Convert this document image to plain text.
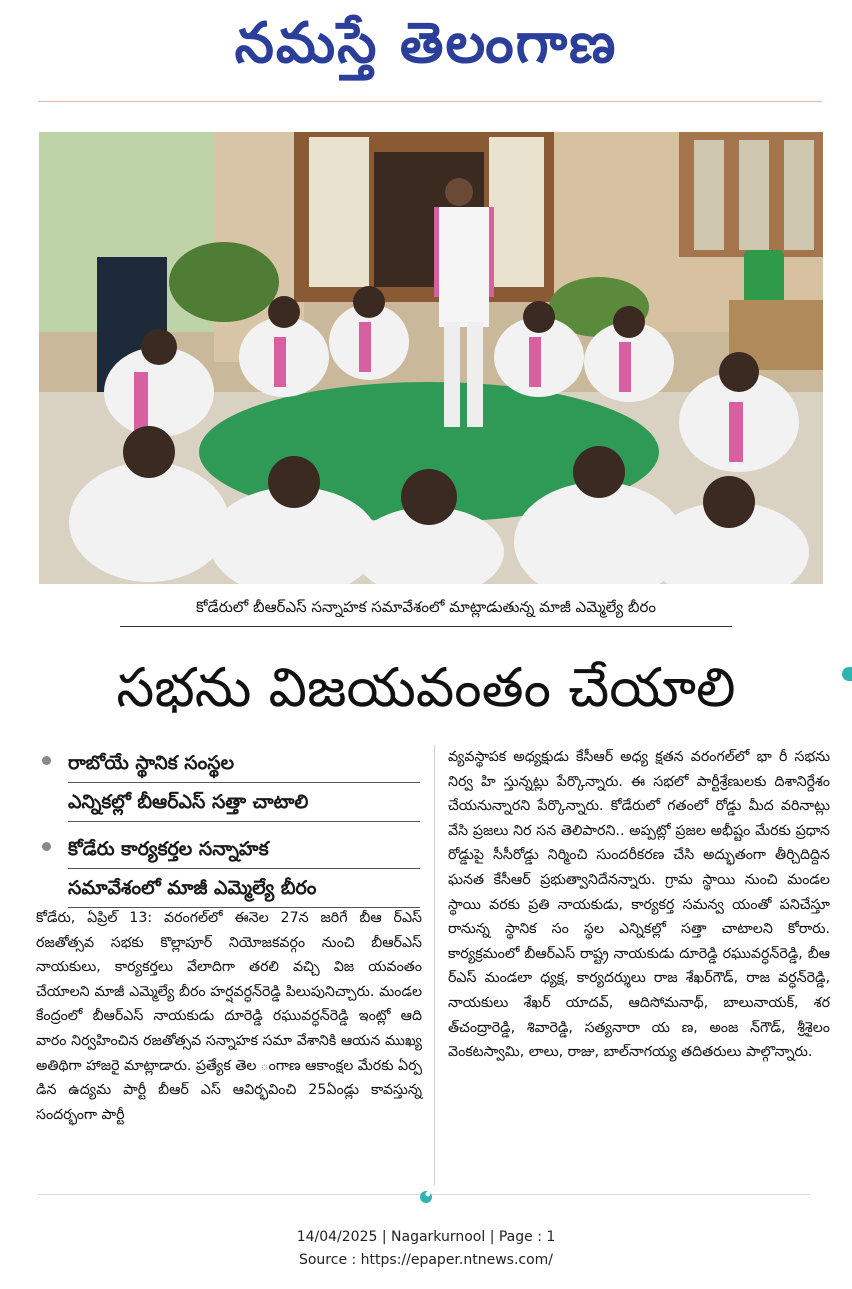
నమస్తే తెలంగాణ
కోడేరులో బీఆర్ఎస్ సన్నాహక సమావేశంలో మాట్లాడుతున్న మాజీ ఎమ్మెల్యే బీరం
సభను విజయవంతం చేయాలి
రాబోయే స్థానిక సంస్థల
ఎన్నికల్లో బీఆర్ఎస్ సత్తా చాటాలి
కోడేరు కార్యకర్తల సన్నాహక
సమావేశంలో మాజీ ఎమ్మెల్యే బీరం

కోడేరు, ఏప్రిల్ 13: వరంగల్‌లో ఈనెల 27న జరిగే బీఆ ర్ఎస్ రజతోత్సవ సభకు కొల్లాపూర్ నియోజకవర్గం నుంచి బీఆర్ఎస్ నాయకులు, కార్యకర్తలు వేలాదిగా తరలి వచ్చి విజ యవంతం చేయాలని మాజీ ఎమ్మెల్యే బీరం హర్షవర్ధన్‌రెడ్డి పిలుపునిచ్చారు. మండల కేంద్రంలో బీఆర్ఎస్ నాయకుడు దూరెడ్డి రఘువర్ధన్‌రెడ్డి ఇంట్లో ఆది వారం నిర్వహించిన రజతోత్సవ సన్నాహక సమా వేశానికి ఆయన ముఖ్య అతిథిగా హాజరై మాట్లాడారు. ప్రత్యేక తెల ంగాణ ఆకాంక్షల మేరకు ఏర్ప డిన ఉద్యమ పార్టీ బీఆర్ ఎస్ ఆవిర్భవించి 25ఏండ్లు కావస్తున్న సందర్భంగా పార్టీ

వ్యవస్థాపక అధ్యక్షుడు కేసీఆర్ అధ్య క్షతన వరంగల్‌లో భా రీ సభను నిర్వ హి స్తున్నట్లు పేర్కొన్నారు. ఈ సభలో పార్టీశ్రేణులకు దిశానిర్దేశం చేయనున్నారని పేర్కొన్నారు. కోడేరులో గతంలో రోడ్డు మీద వరినాట్లు వేసి ప్రజలు నిర సన తెలిపారని.. అప్పట్లో ప్రజల అభీష్టం మేరకు ప్రధాన రోడ్డుపై సీసీరోడ్డు నిర్మించి సుందరీకరణ చేసి అద్భుతంగా తీర్చిదిద్దిన ఘనత కేసీఆర్ ప్రభుత్వానిదేనన్నారు. గ్రామ స్థాయి నుంచి మండల స్థాయి వరకు ప్రతి నాయకుడు, కార్యకర్త సమన్వ యంతో పనిచేస్తూ రానున్న స్థానిక సం స్థల ఎన్నికల్లో సత్తా చాటాలని కోరారు. కార్యక్రమంలో బీఆర్ఎస్ రాష్ట్ర నాయకుడు దూరెడ్డి రఘువర్ధన్‌రెడ్డి, బీఆ ర్ఎస్ మండలా ధ్యక్ష, కార్యదర్శులు రాజ శేఖర్‌గౌడ్, రాజ వర్ధన్‌రెడ్డి, నాయకులు శేఖర్ యాదవ్, ఆదిసోమనాథ్, బాలునాయక్, శర త్‌చంద్రారెడ్డి, శివారెడ్డి, సత్యనారా య ణ, అంజ న్‌గౌడ్, శ్రీశైలం వెంకటస్వామి, లాలు, రాజు, బాల్‌నాగయ్య తదితరులు పాల్గొన్నారు.

14/04/2025 | Nagarkurnool | Page : 1
Source : https://epaper.ntnews.com/
